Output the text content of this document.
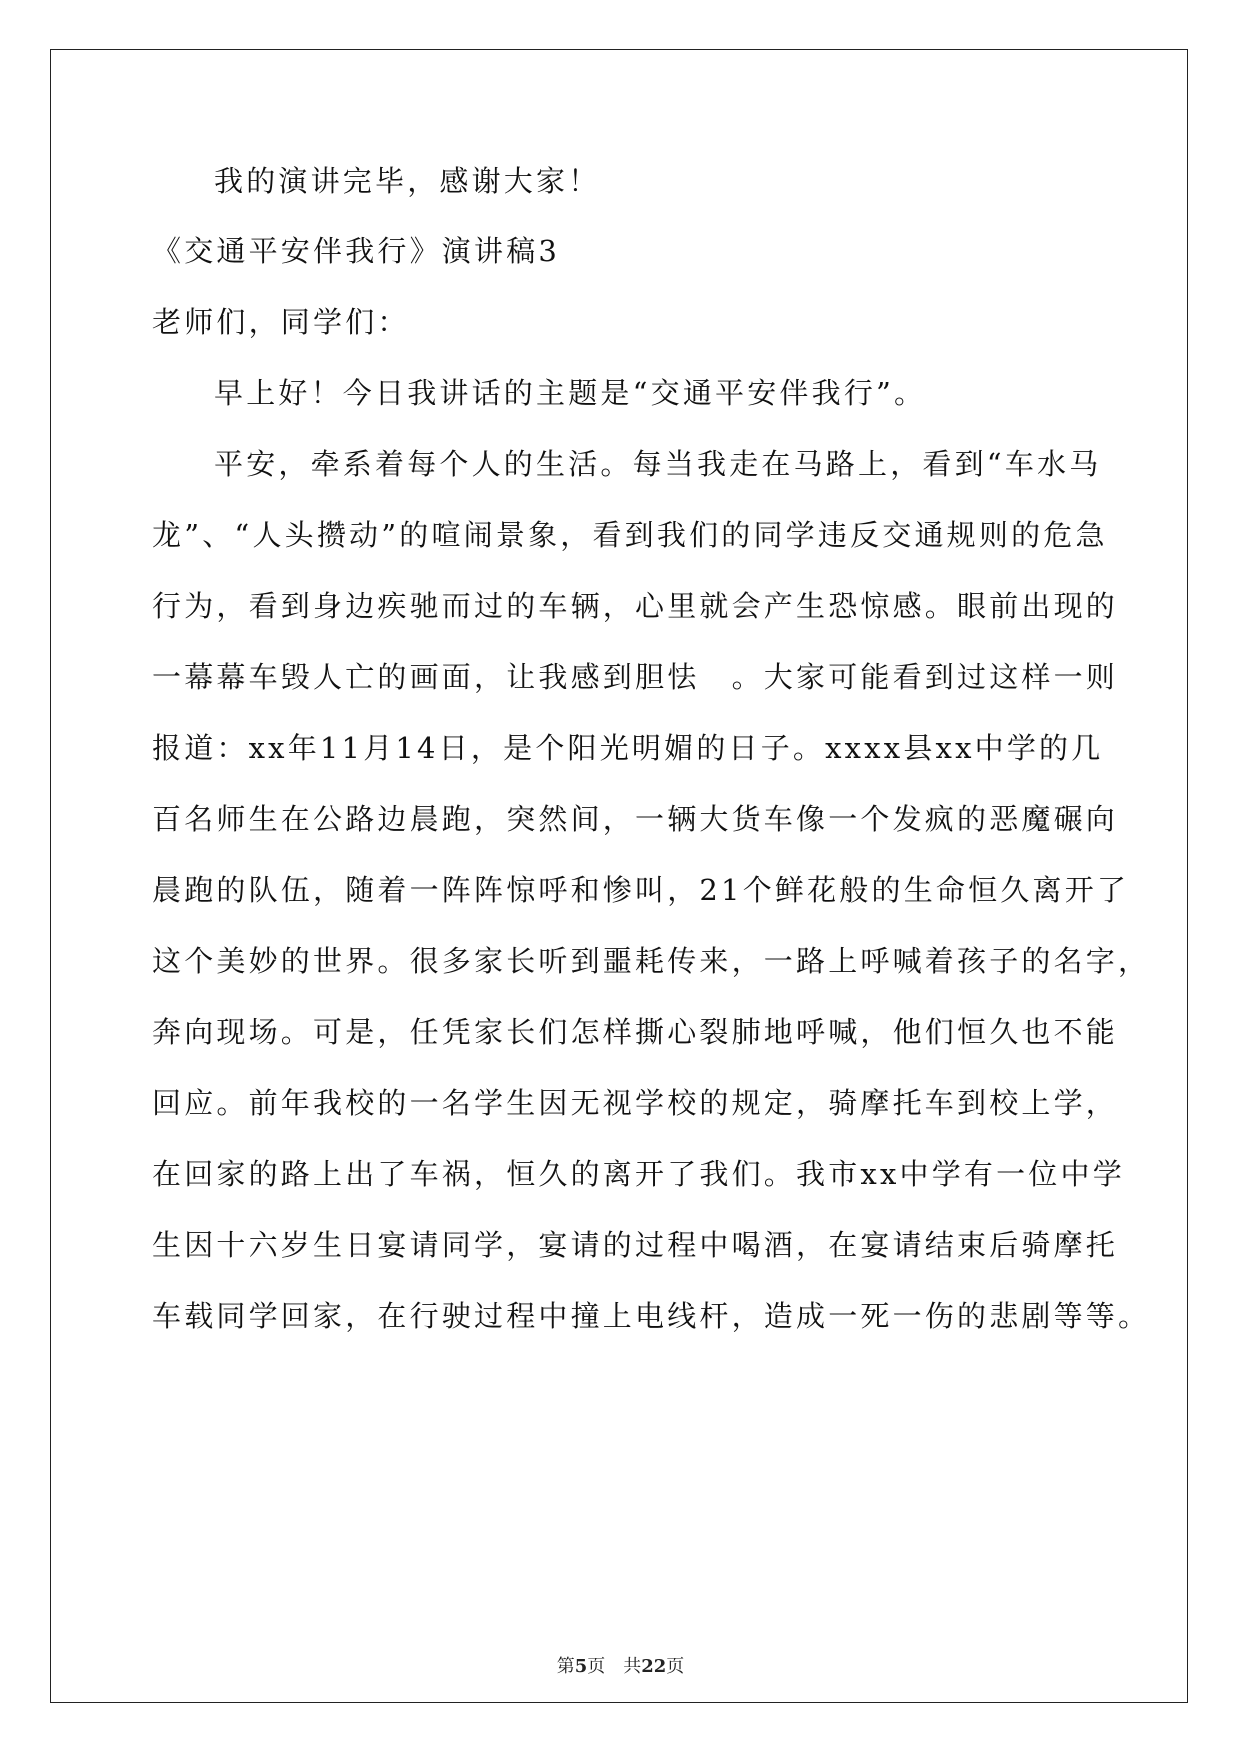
我的演讲完毕，感谢大家！
《交通平安伴我行》演讲稿3
老师们，同学们：
早上好！今日我讲话的主题是“交通平安伴我行”。
平安，牵系着每个人的生活。每当我走在马路上，看到“车水马
龙”、“人头攒动”的喧闹景象，看到我们的同学违反交通规则的危急
行为，看到身边疾驰而过的车辆，心里就会产生恐惊感。眼前出现的
一幕幕车毁人亡的画面，让我感到胆怯　。大家可能看到过这样一则
报道：xx年11月14日，是个阳光明媚的日子。xxxx县xx中学的几
百名师生在公路边晨跑，突然间，一辆大货车像一个发疯的恶魔碾向
晨跑的队伍，随着一阵阵惊呼和惨叫，21个鲜花般的生命恒久离开了
这个美妙的世界。很多家长听到噩耗传来，一路上呼喊着孩子的名字，
奔向现场。可是，任凭家长们怎样撕心裂肺地呼喊，他们恒久也不能
回应。前年我校的一名学生因无视学校的规定，骑摩托车到校上学，
在回家的路上出了车祸，恒久的离开了我们。我市xx中学有一位中学
生因十六岁生日宴请同学，宴请的过程中喝酒，在宴请结束后骑摩托
车载同学回家，在行驶过程中撞上电线杆，造成一死一伤的悲剧等等。
第5页　共22页
